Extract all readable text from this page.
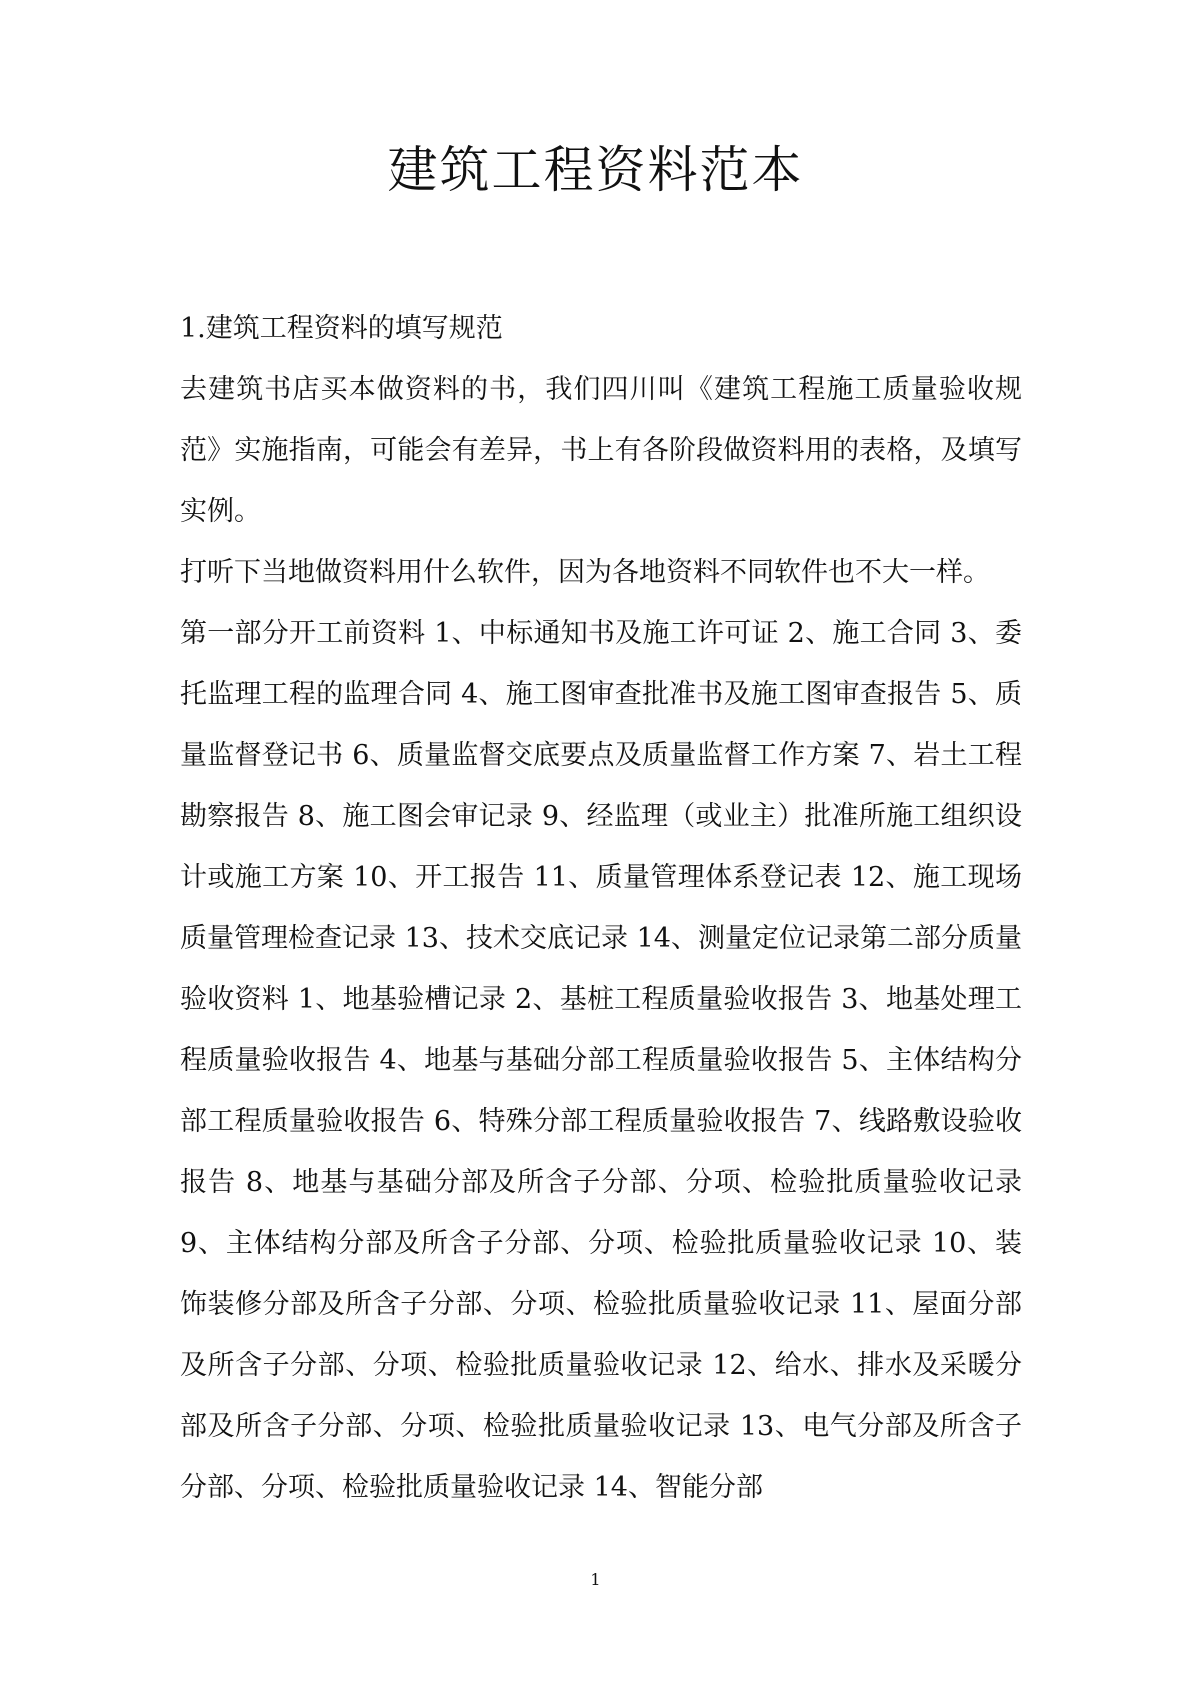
建筑工程资料范本

1.建筑工程资料的填写规范

去建筑书店买本做资料的书，我们四川叫《建筑工程施工质量验收规范》实施指南，可能会有差异，书上有各阶段做资料用的表格，及填写实例。

打听下当地做资料用什么软件，因为各地资料不同软件也不大一样。

第一部分开工前资料 1、中标通知书及施工许可证 2、施工合同 3、委托监理工程的监理合同 4、施工图审查批准书及施工图审查报告 5、质量监督登记书 6、质量监督交底要点及质量监督工作方案 7、岩土工程勘察报告 8、施工图会审记录 9、经监理（或业主）批准所施工组织设计或施工方案 10、开工报告 11、质量管理体系登记表 12、施工现场质量管理检查记录 13、技术交底记录 14、测量定位记录第二部分质量验收资料 1、地基验槽记录 2、基桩工程质量验收报告 3、地基处理工程质量验收报告 4、地基与基础分部工程质量验收报告 5、主体结构分部工程质量验收报告 6、特殊分部工程质量验收报告 7、线路敷设验收报告 8、地基与基础分部及所含子分部、分项、检验批质量验收记录 9、主体结构分部及所含子分部、分项、检验批质量验收记录 10、装饰装修分部及所含子分部、分项、检验批质量验收记录 11、屋面分部及所含子分部、分项、检验批质量验收记录 12、给水、排水及采暖分部及所含子分部、分项、检验批质量验收记录 13、电气分部及所含子分部、分项、检验批质量验收记录 14、智能分部

1
